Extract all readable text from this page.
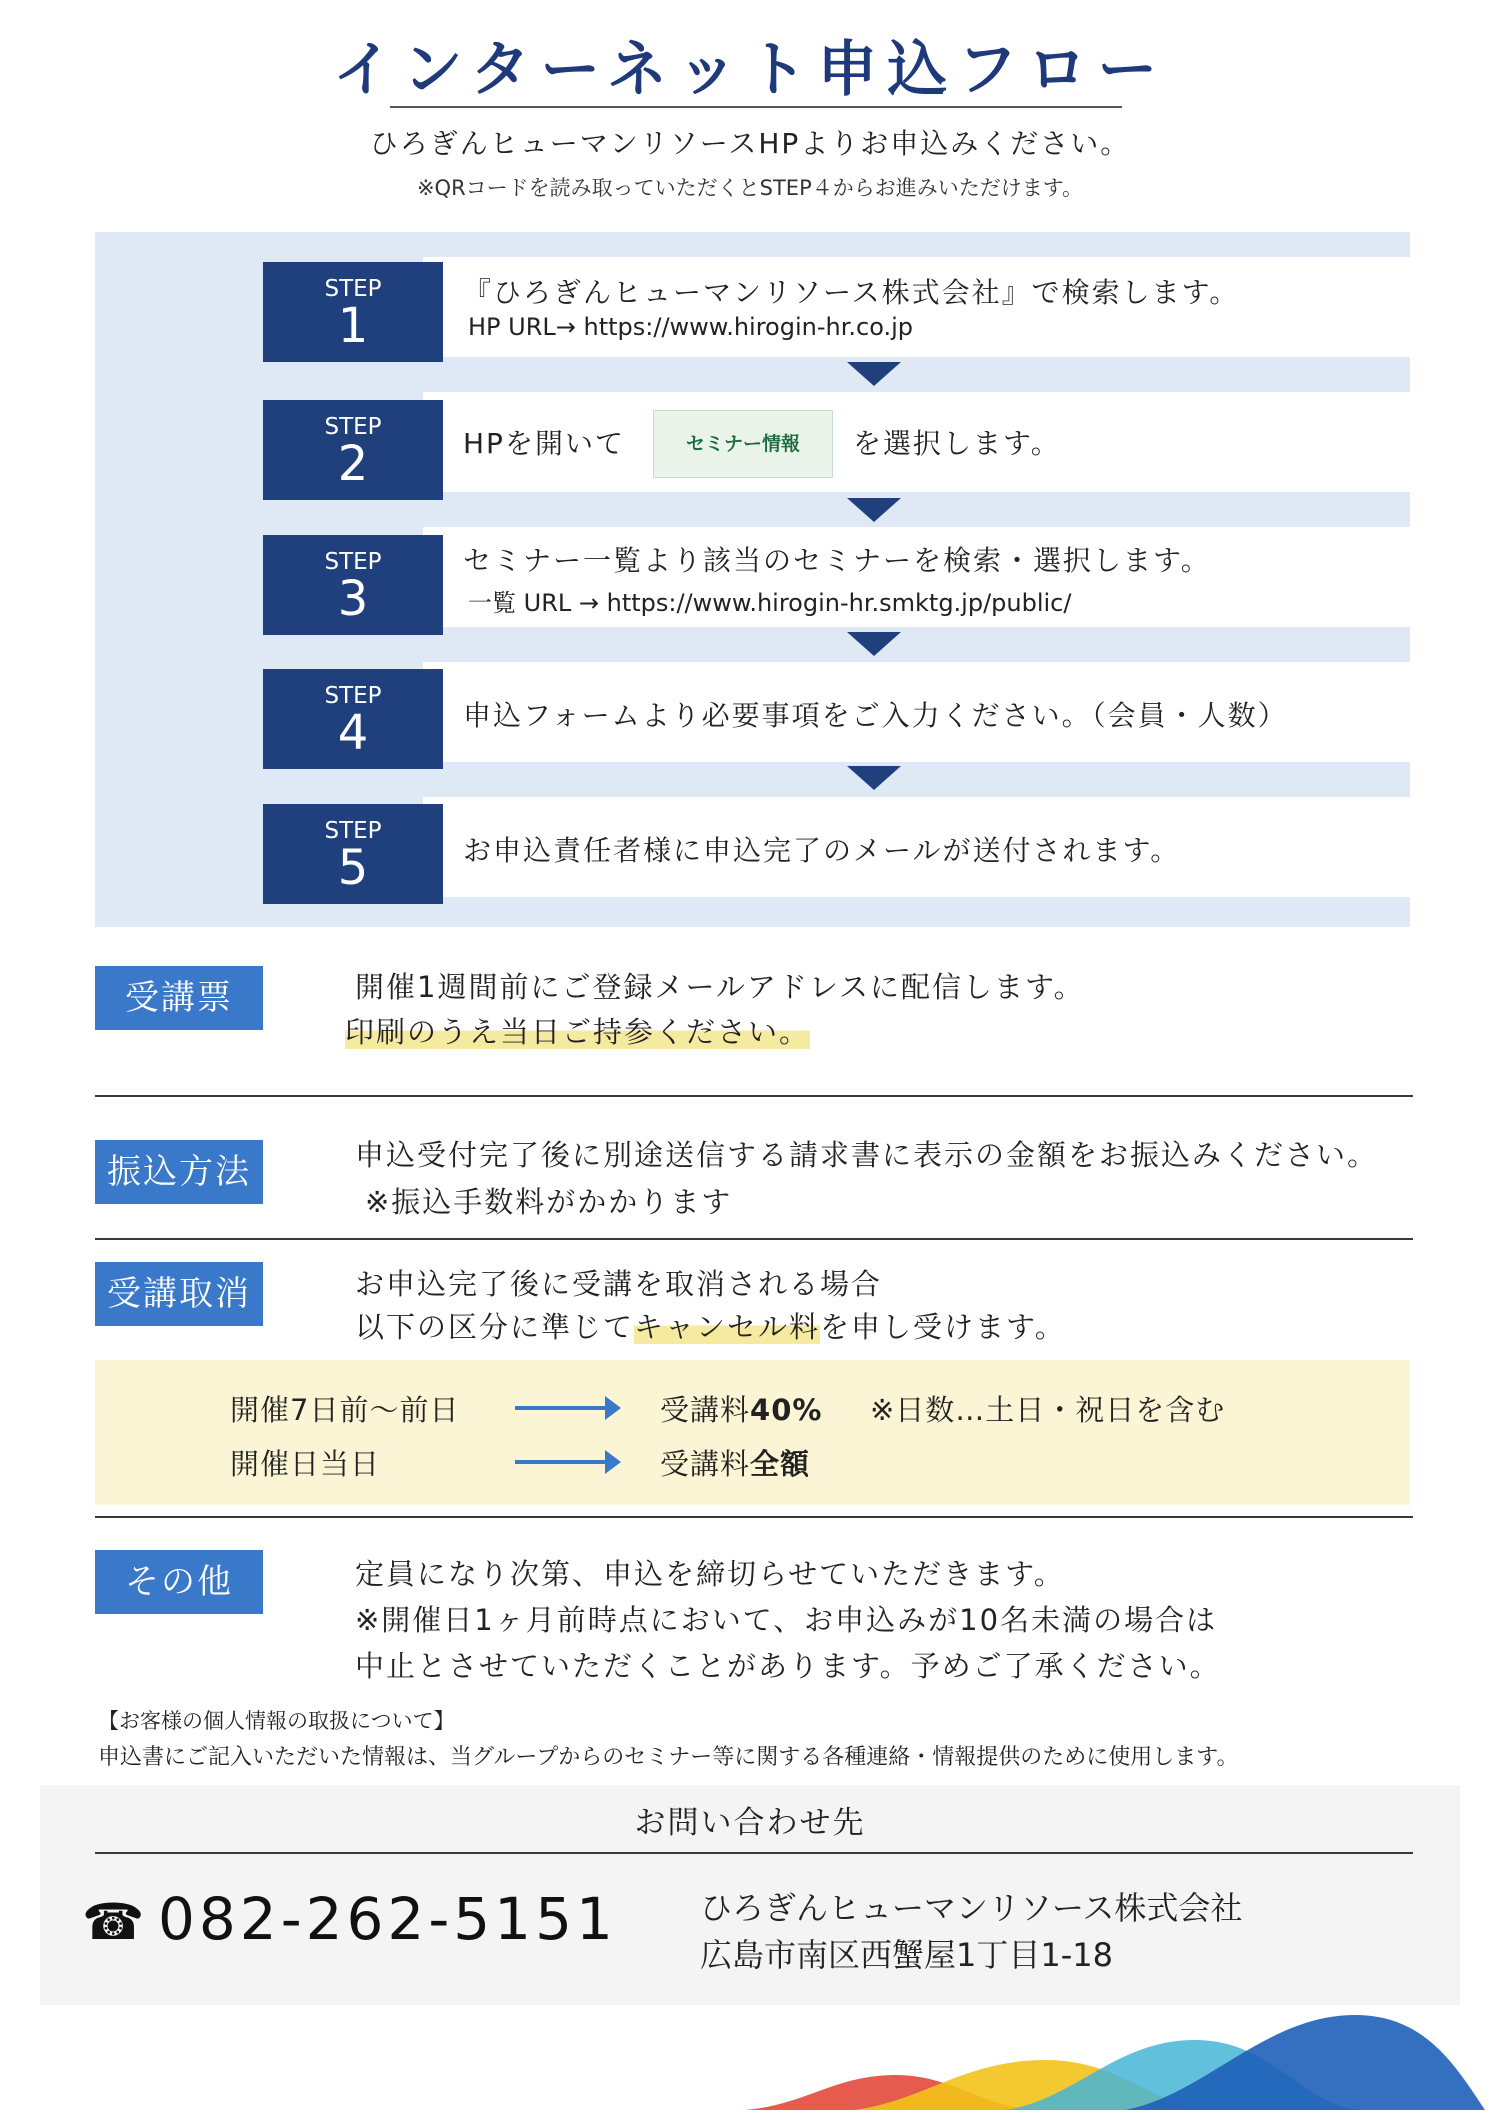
インターネット申込フロー
ひろぎんヒューマンリソースHPよりお申込みください。
※QRコードを読み取っていただくとSTEP４からお進みいただけます。
『ひろぎんヒューマンリソース株式会社』で検索します。
HP URL→ https://www.hirogin-hr.co.jp
STEP
1
HPを開いて	セミナー情報	を選択します。
STEP
2
セミナー一覧より該当のセミナーを検索・選択します。
一覧 URL → https://www.hirogin-hr.smktg.jp/public/
STEP
3
申込フォームより必要事項をご入力ください。（会員・人数）
STEP
4
お申込責任者様に申込完了のメールが送付されます。
STEP
5
受講票	開催1週間前にご登録メールアドレスに配信します。
印刷のうえ当日ご持参ください。
振込方法	申込受付完了後に別途送信する請求書に表示の金額をお振込みください。
※振込手数料がかかります
受講取消	お申込完了後に受講を取消される場合
以下の区分に準じてキャンセル料を申し受けます。
開催7日前〜前日	受講料40% ※日数…土日・祝日を含む
開催日当日	受講料全額
その他	定員になり次第、申込を締切らせていただきます。
※開催日1ヶ月前時点において、お申込みが10名未満の場合は
中止とさせていただくことがあります。予めご了承ください。
【お客様の個人情報の取扱について】
申込書にご記入いただいた情報は、当グループからのセミナー等に関する各種連絡・情報提供のために使用します。
お問い合わせ先
☎ 082-262-5151	ひろぎんヒューマンリソース株式会社
広島市南区西蟹屋1丁目1-18
